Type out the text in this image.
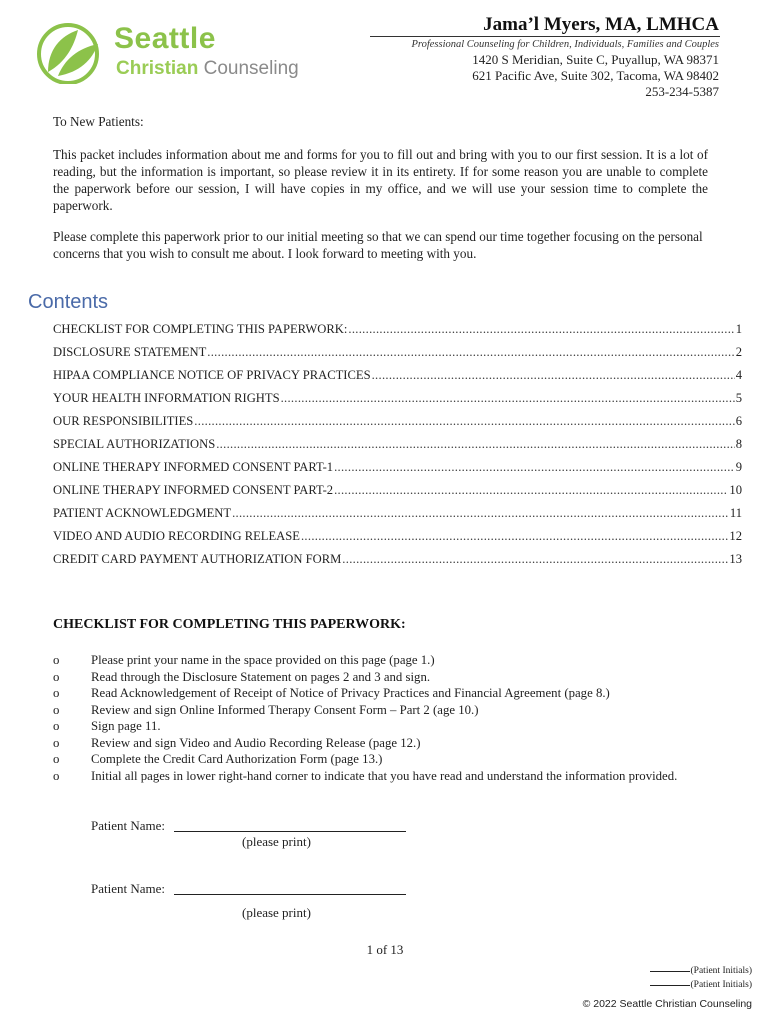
Seattle
Christian Counseling
Jama’l Myers, MA, LMHCA
Professional Counseling for Children, Individuals, Families and Couples
1420 S Meridian, Suite C, Puyallup, WA 98371
621 Pacific Ave, Suite 302, Tacoma, WA 98402
253-234-5387
To New Patients:
This packet includes information about me and forms for you to fill out and bring with you to our first session. It is a lot of reading, but the information is important, so please review it in its entirety. If for some reason you are unable to complete the paperwork before our session, I will have copies in my office, and we will use your session time to complete the paperwork.
Please complete this paperwork prior to our initial meeting so that we can spend our time together focusing on the personal concerns that you wish to consult me about. I look forward to meeting with you.
Contents
CHECKLIST FOR COMPLETING THIS PAPERWORK: .....	1
DISCLOSURE STATEMENT .....	2
HIPAA COMPLIANCE NOTICE OF PRIVACY PRACTICES .....	4
YOUR HEALTH INFORMATION RIGHTS .....	5
OUR RESPONSIBILITIES .....	6
SPECIAL AUTHORIZATIONS .....	8
ONLINE THERAPY INFORMED CONSENT PART-1 .....	9
ONLINE THERAPY INFORMED CONSENT PART-2 .....	10
PATIENT ACKNOWLEDGMENT .....	11
VIDEO AND AUDIO RECORDING RELEASE .....	12
CREDIT CARD PAYMENT AUTHORIZATION FORM .....	13
CHECKLIST FOR COMPLETING THIS PAPERWORK:
o	Please print your name in the space provided on this page (page 1.)
o	Read through the Disclosure Statement on pages 2 and 3 and sign.
o	Read Acknowledgement of Receipt of Notice of Privacy Practices and Financial Agreement (page 8.)
o	Review and sign Online Informed Therapy Consent Form – Part 2 (age 10.)
o	Sign page 11.
o	Review and sign Video and Audio Recording Release (page 12.)
o	Complete the Credit Card Authorization Form (page 13.)
o	Initial all pages in lower right-hand corner to indicate that you have read and understand the information provided.
Patient Name:
(please print)
Patient Name:
(please print)
1 of 13
(Patient Initials)
(Patient Initials)
© 2022 Seattle Christian Counseling
